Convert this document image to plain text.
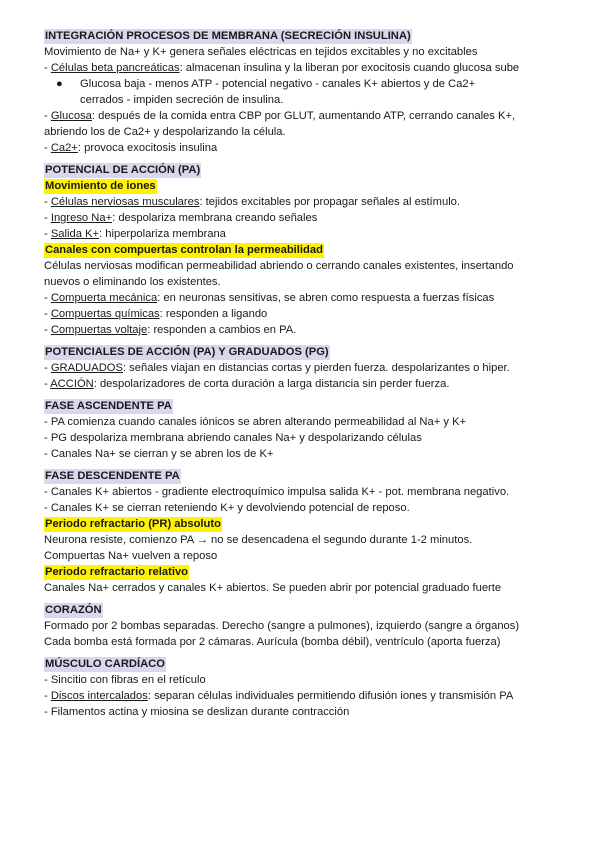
INTEGRACIÓN PROCESOS DE MEMBRANA (SECRECIÓN INSULINA)
Movimiento de Na+ y K+ genera señales eléctricas en tejidos excitables y no excitables
- Células beta pancreáticas: almacenan insulina y la liberan por exocitosis cuando glucosa sube
● Glucosa baja - menos ATP - potencial negativo - canales K+ abiertos y de Ca2+
cerrados - impiden secreción de insulina.
- Glucosa: después de la comida entra CBP por GLUT, aumentando ATP, cerrando canales K+,
abriendo los de Ca2+ y despolarizando la célula.
- Ca2+: provoca exocitosis insulina
POTENCIAL DE ACCIÓN (PA)
Movimiento de iones
- Células nerviosas musculares: tejidos excitables por propagar señales al estímulo.
- Ingreso Na+: despolariza membrana creando señales
- Salida K+: hiperpolariza membrana
Canales con compuertas controlan la permeabilidad
Células nerviosas modifican permeabilidad abriendo o cerrando canales existentes, insertando
nuevos o eliminando los existentes.
- Compuerta mecánica: en neuronas sensitivas, se abren como respuesta a fuerzas físicas
- Compuertas químicas: responden a ligando
- Compuertas voltaje: responden a cambios en PA.
POTENCIALES DE ACCIÓN (PA) Y GRADUADOS (PG)
- GRADUADOS: señales viajan en distancias cortas y pierden fuerza. despolarizantes o hiper.
- ACCIÓN: despolarizadores de corta duración a larga distancia sin perder fuerza.
FASE ASCENDENTE PA
- PA comienza cuando canales iónicos se abren alterando permeabilidad al Na+ y K+
- PG despolariza membrana abriendo canales Na+ y despolarizando células
- Canales Na+ se cierran y se abren los de K+
FASE DESCENDENTE PA
- Canales K+ abiertos - gradiente electroquímico impulsa salida K+ - pot. membrana negativo.
- Canales K+ se cierran reteniendo K+ y devolviendo potencial de reposo.
Periodo refractario (PR) absoluto
Neurona resiste, comienzo PA → no se desencadena el segundo durante 1-2 minutos.
Compuertas Na+ vuelven a reposo
Periodo refractario relativo
Canales Na+ cerrados y canales K+ abiertos. Se pueden abrir por potencial graduado fuerte
CORAZÓN
Formado por 2 bombas separadas. Derecho (sangre a pulmones), izquierdo (sangre a órganos)
Cada bomba está formada por 2 cámaras. Aurícula (bomba débil), ventrículo (aporta fuerza)
MÚSCULO CARDÍACO
- Sincitio con fibras en el retículo
- Discos intercalados: separan células individuales permitiendo difusión iones y transmisión PA
- Filamentos actina y miosina se deslizan durante contracción
